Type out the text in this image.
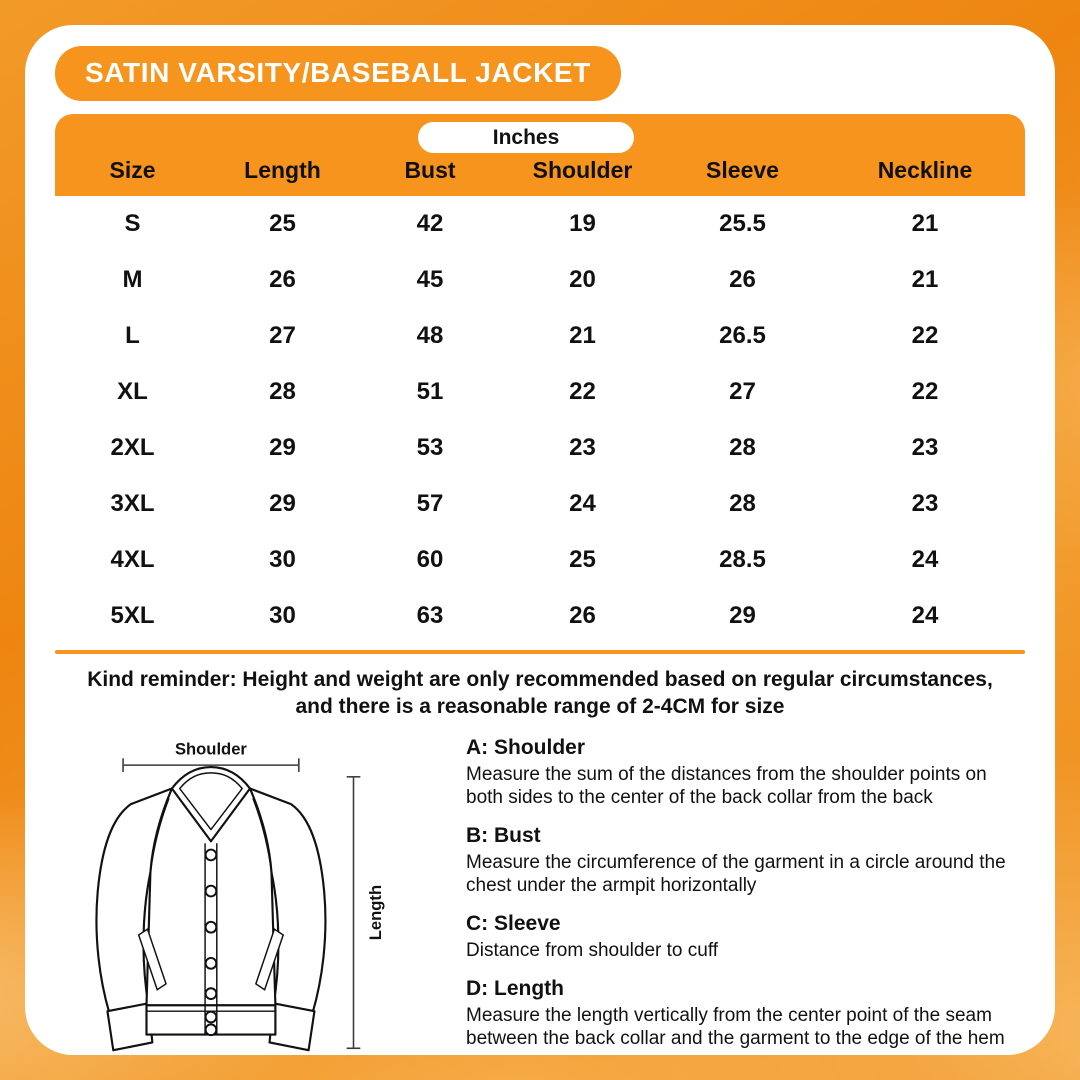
SATIN VARSITY/BASEBALL JACKET
Inches
Size	Length	Bust	Shoulder	Sleeve	Neckline
S	25	42	19	25.5	21
M	26	45	20	26	21
L	27	48	21	26.5	22
XL	28	51	22	27	22
2XL	29	53	23	28	23
3XL	29	57	24	28	23
4XL	30	60	25	28.5	24
5XL	30	63	26	29	24

Kind reminder: Height and weight are only recommended based on regular circumstances,
and there is a reasonable range of 2-4CM for size

Shoulder
Length
A: Shoulder
Measure the sum of the distances from the shoulder points on both sides to the center of the back collar from the back
B: Bust
Measure the circumference of the garment in a circle around the chest under the armpit horizontally
C: Sleeve
Distance from shoulder to cuff
D: Length
Measure the length vertically from the center point of the seam between the back collar and the garment to the edge of the hem
